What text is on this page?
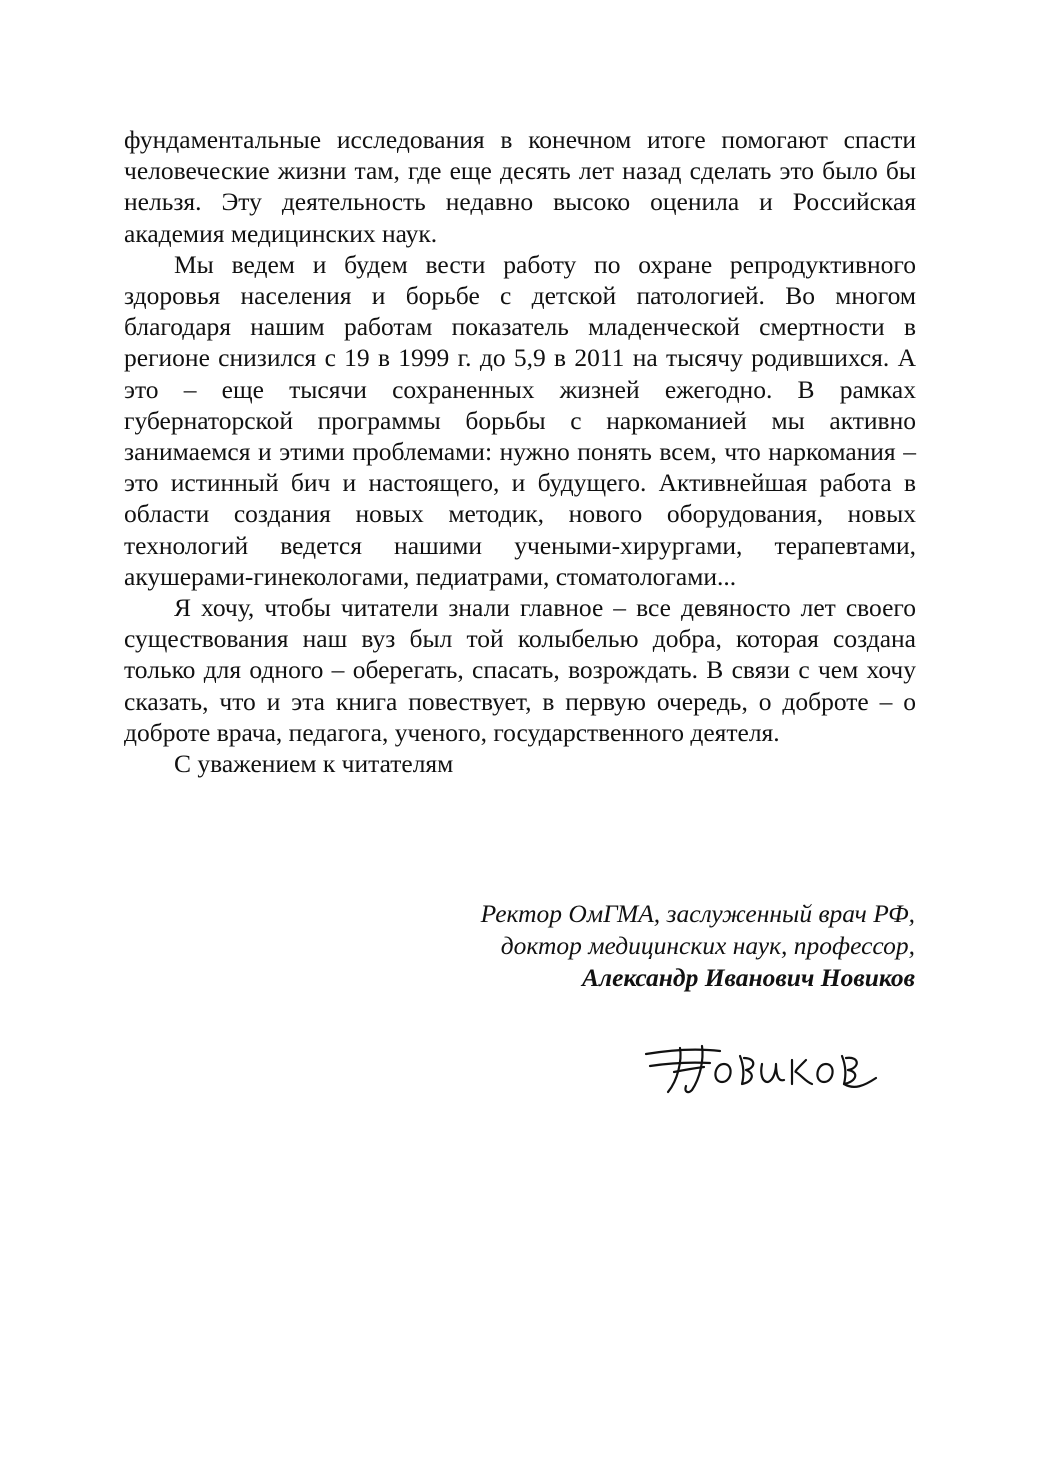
фундаментальные исследования в конечном итоге помогают спасти человеческие жизни там, где еще десять лет назад сделать это было бы нельзя. Эту деятельность недавно высоко оценила и Российская академия медицинских наук.

Мы ведем и будем вести работу по охране репродуктивного здоровья населения и борьбе с детской патологией. Во многом благодаря нашим работам показатель младенческой смертности в регионе снизился с 19 в 1999 г. до 5,9 в 2011 на тысячу родившихся. А это – еще тысячи сохраненных жизней ежегодно. В рамках губернаторской программы борьбы с наркоманией мы активно занимаемся и этими проблемами: нужно понять всем, что наркомания – это истинный бич и настоящего, и будущего. Активнейшая работа в области создания новых методик, нового оборудования, новых технологий ведется нашими учеными-хирургами, терапевтами, акушерами-гинекологами, педиатрами, стоматологами...

Я хочу, чтобы читатели знали главное – все девяносто лет своего существования наш вуз был той колыбелью добра, которая создана только для одного – оберегать, спасать, возрождать. В связи с чем хочу сказать, что и эта книга повествует, в первую очередь, о доброте – о доброте врача, педагога, ученого, государственного деятеля.

С уважением к читателям

Ректор ОмГМА, заслуженный врач РФ,
доктор медицинских наук, профессор,
Александр Иванович Новиков
